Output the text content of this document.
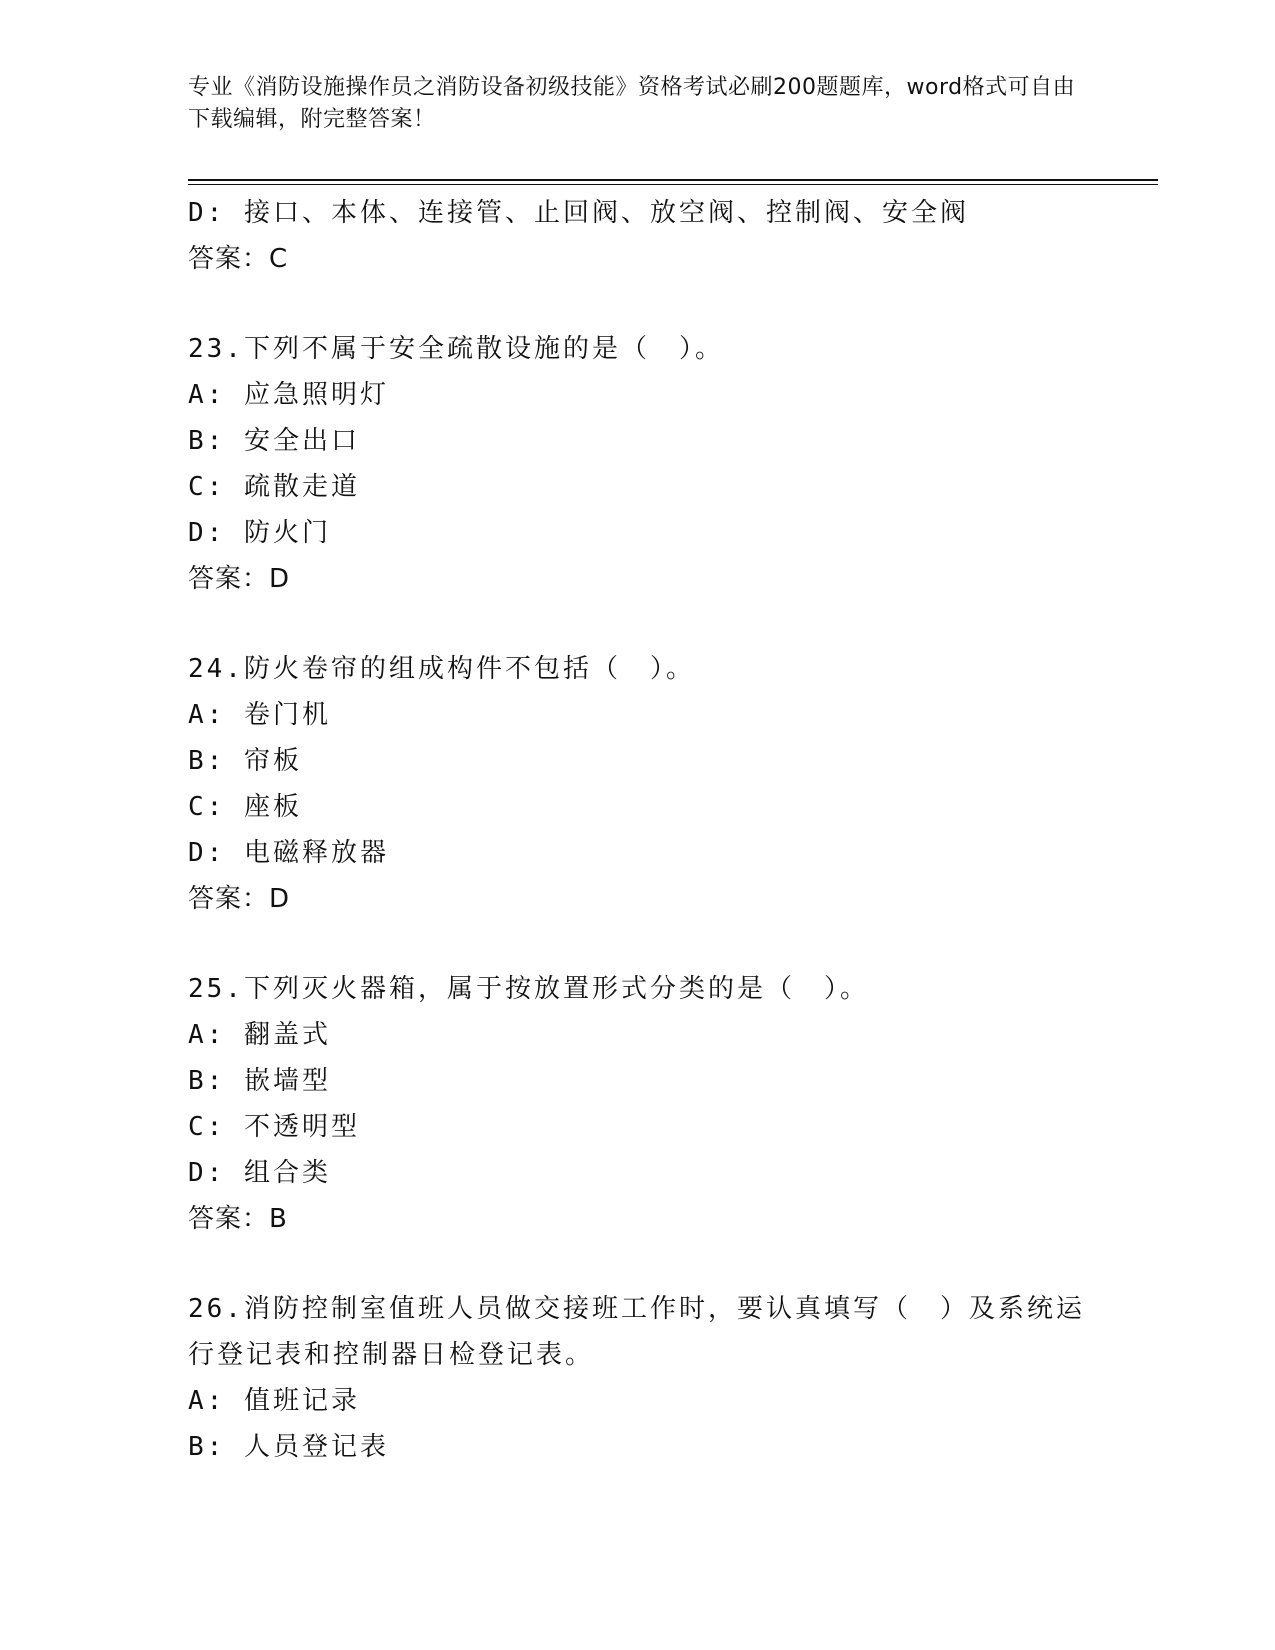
专业《消防设施操作员之消防设备初级技能》资格考试必刷200题题库，word格式可自由下载编辑，附完整答案！
D: 接口、本体、连接管、止回阀、放空阀、控制阀、安全阀
答案：C
23.下列不属于安全疏散设施的是（　）。
A: 应急照明灯
B: 安全出口
C: 疏散走道
D: 防火门
答案：D
24.防火卷帘的组成构件不包括（　）。
A: 卷门机
B: 帘板
C: 座板
D: 电磁释放器
答案：D
25.下列灭火器箱，属于按放置形式分类的是（　）。
A: 翻盖式
B: 嵌墙型
C: 不透明型
D: 组合类
答案：B
26.消防控制室值班人员做交接班工作时，要认真填写（　）及系统运
行登记表和控制器日检登记表。
A: 值班记录
B: 人员登记表
